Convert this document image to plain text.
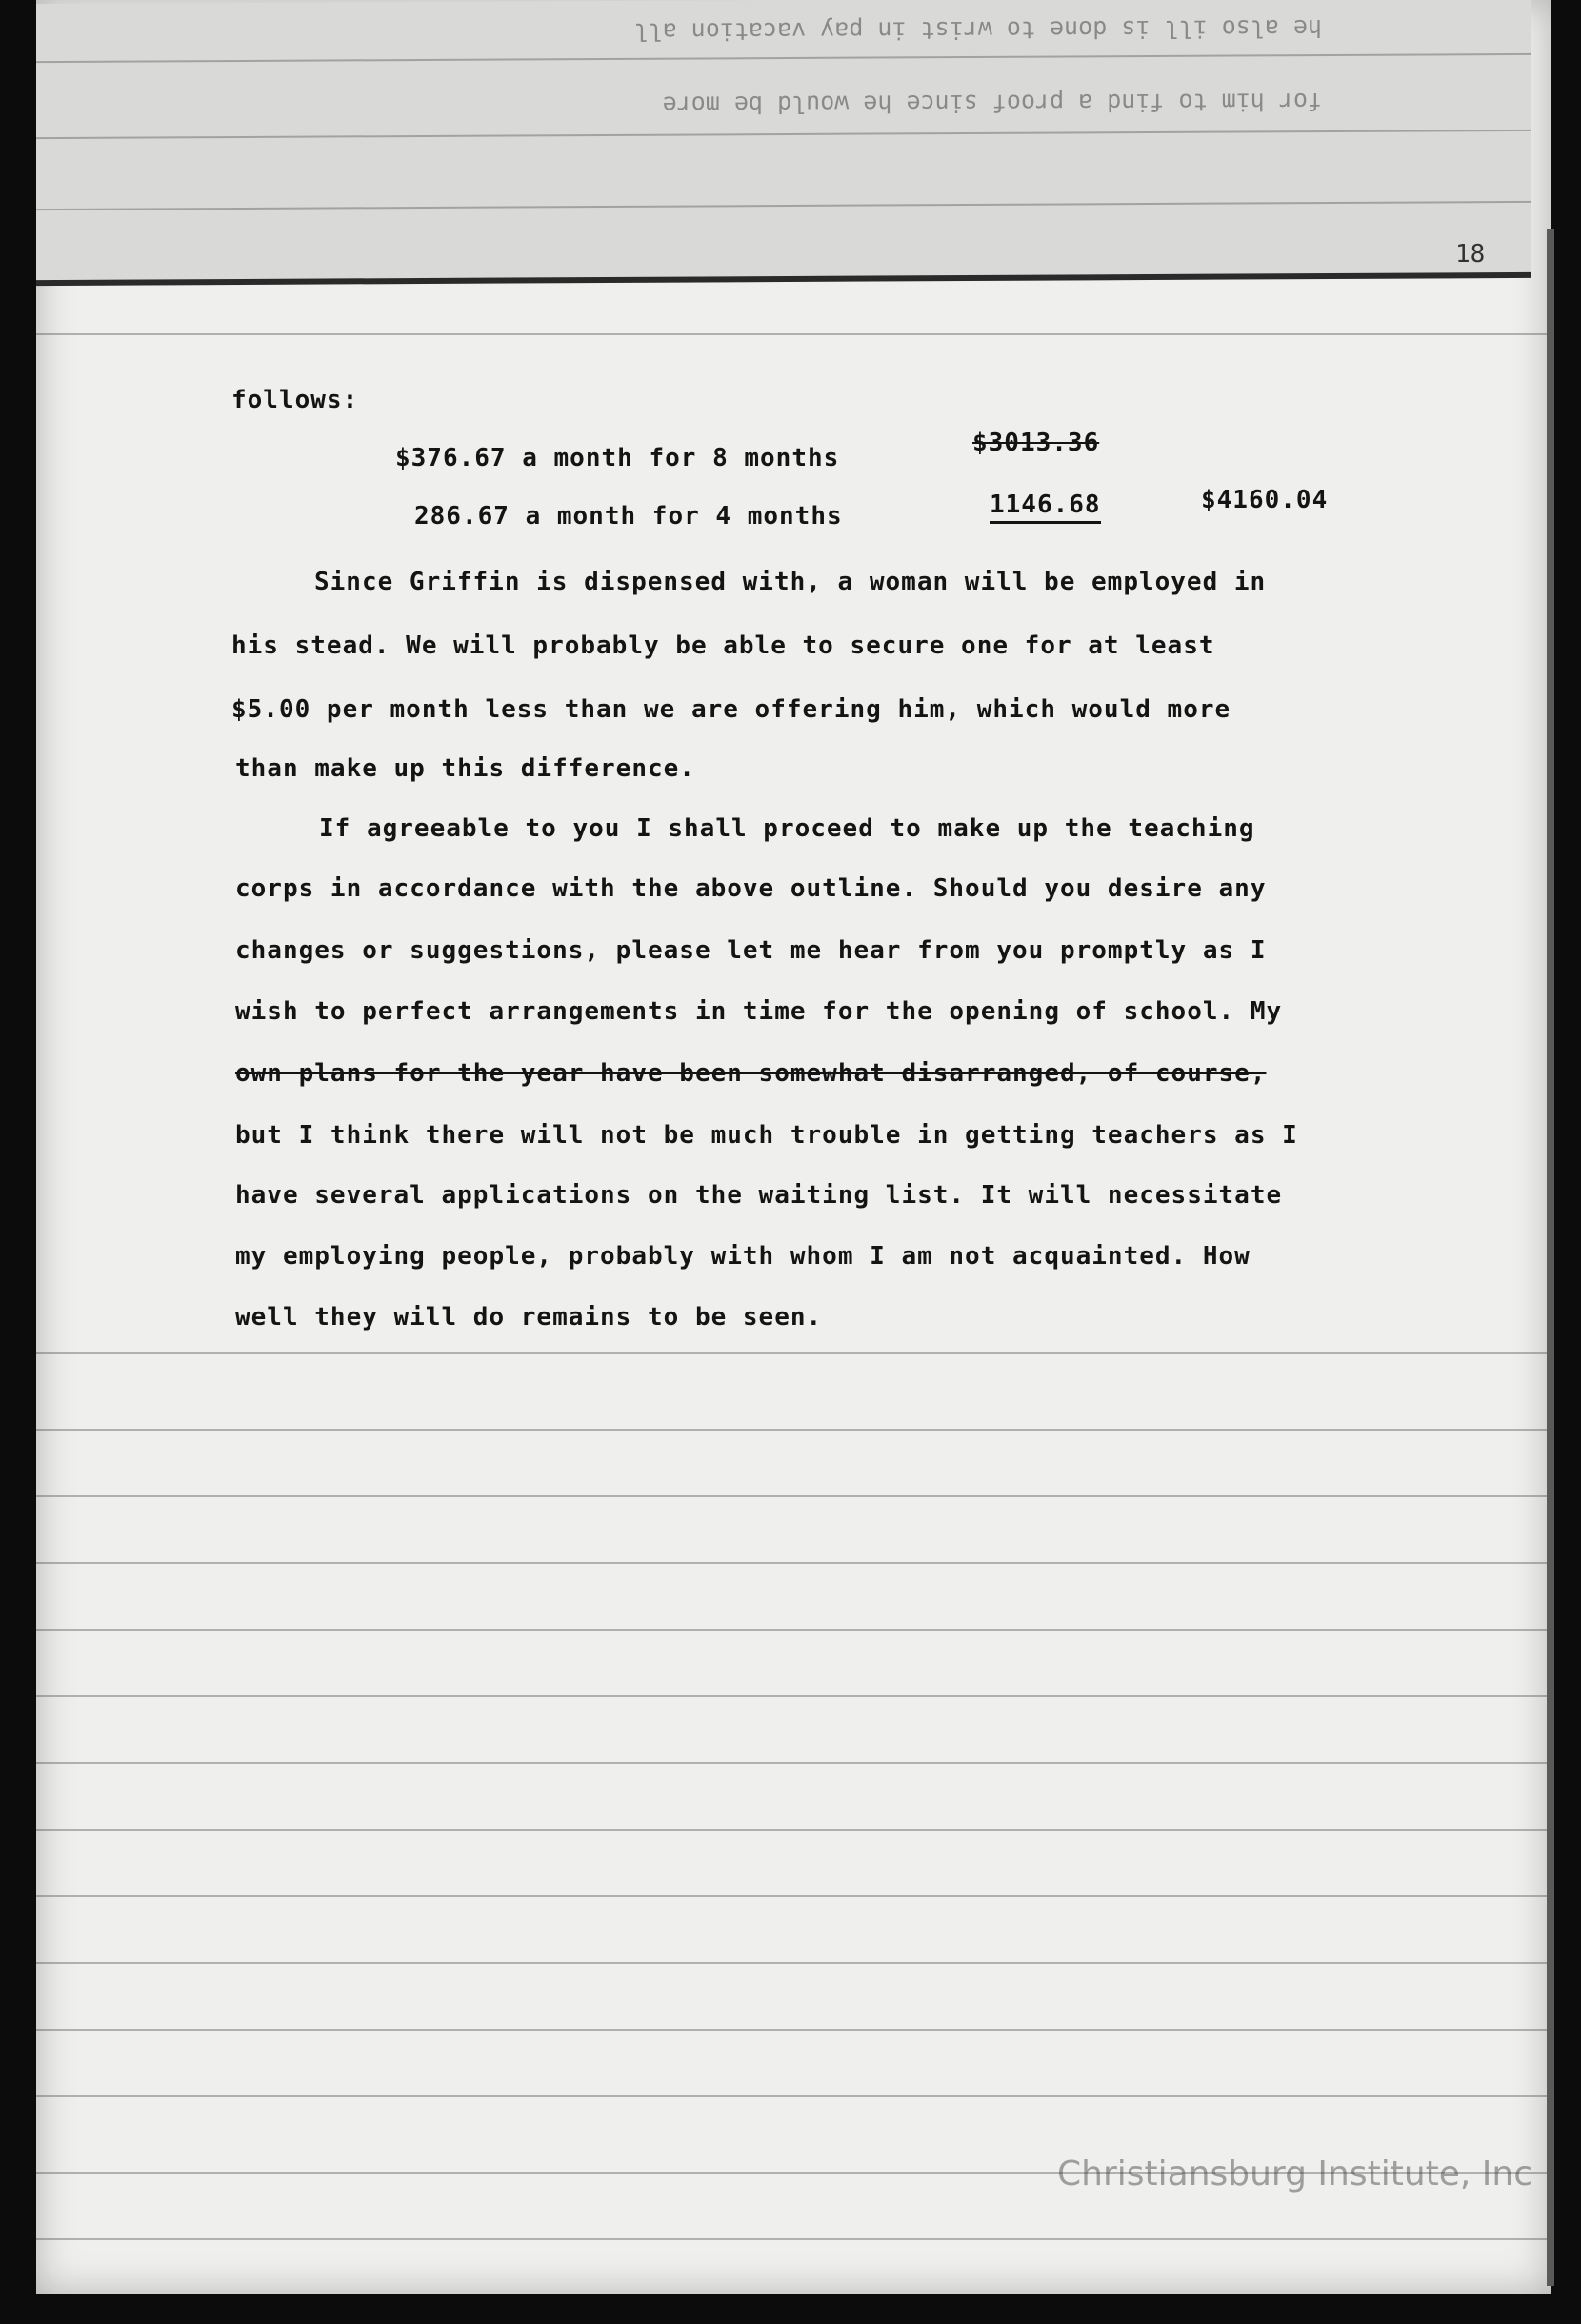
he also ill is done to wrist in pay vacation all
for him to find a proof since he would be more
18
follows:
$376.67 a month for 8 months
$3013.36
286.67 a month for 4 months	1146.68	$4160.04
Since Griffin is dispensed with, a woman will be employed in
his stead. We will probably be able to secure one for at least
$5.00 per month less than we are offering him, which would more
than make up this difference.
If agreeable to you I shall proceed to make up the teaching
corps in accordance with the above outline. Should you desire any
changes or suggestions, please let me hear from you promptly as I
wish to perfect arrangements in time for the opening of school. My
own plans for the year have been somewhat disarranged, of course,
but I think there will not be much trouble in getting teachers as I
have several applications on the waiting list. It will necessitate
my employing people, probably with whom I am not acquainted. How
well they will do remains to be seen.
Christiansburg Institute, Inc
